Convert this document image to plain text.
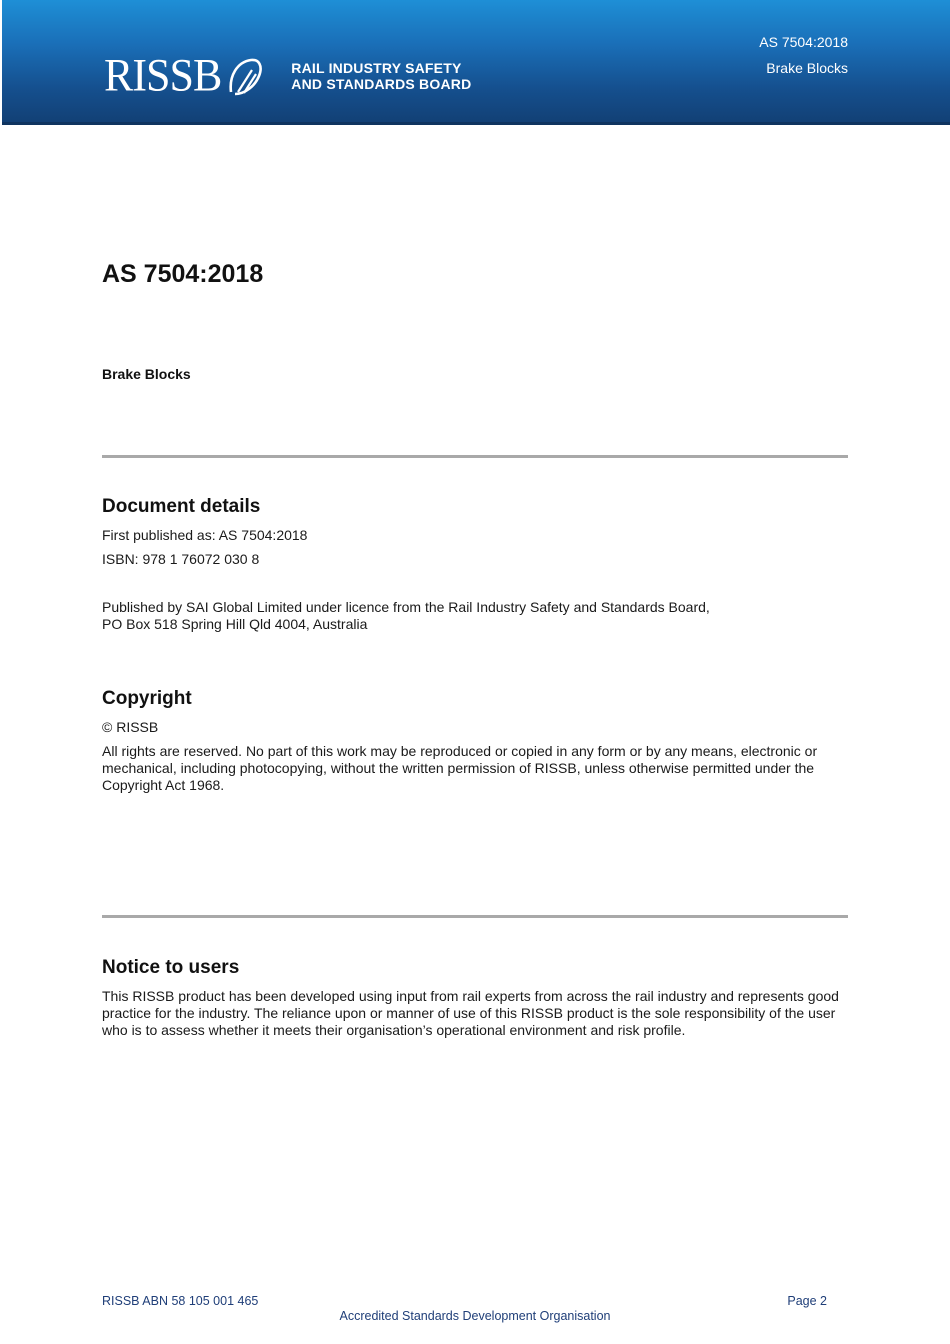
RISSB	RAIL INDUSTRY SAFETY
AND STANDARDS BOARD
AS 7504:2018
Brake Blocks
AS 7504:2018
Brake Blocks
Document details

First published as: AS 7504:2018

ISBN: 978 1 76072 030 8

Published by SAI Global Limited under licence from the Rail Industry Safety and Standards Board,

PO Box 518 Spring Hill Qld 4004, Australia

Copyright

© RISSB

All rights are reserved. No part of this work may be reproduced or copied in any form or by any means, electronic or mechanical, including photocopying, without the written permission of RISSB, unless otherwise permitted under the Copyright Act 1968.

Notice to users

This RISSB product has been developed using input from rail experts from across the rail industry and represents good practice for the industry. The reliance upon or manner of use of this RISSB product is the sole responsibility of the user who is to assess whether it meets their organisation’s operational environment and risk profile.

RISSB ABN 58 105 001 465	Page 2
Accredited Standards Development Organisation
